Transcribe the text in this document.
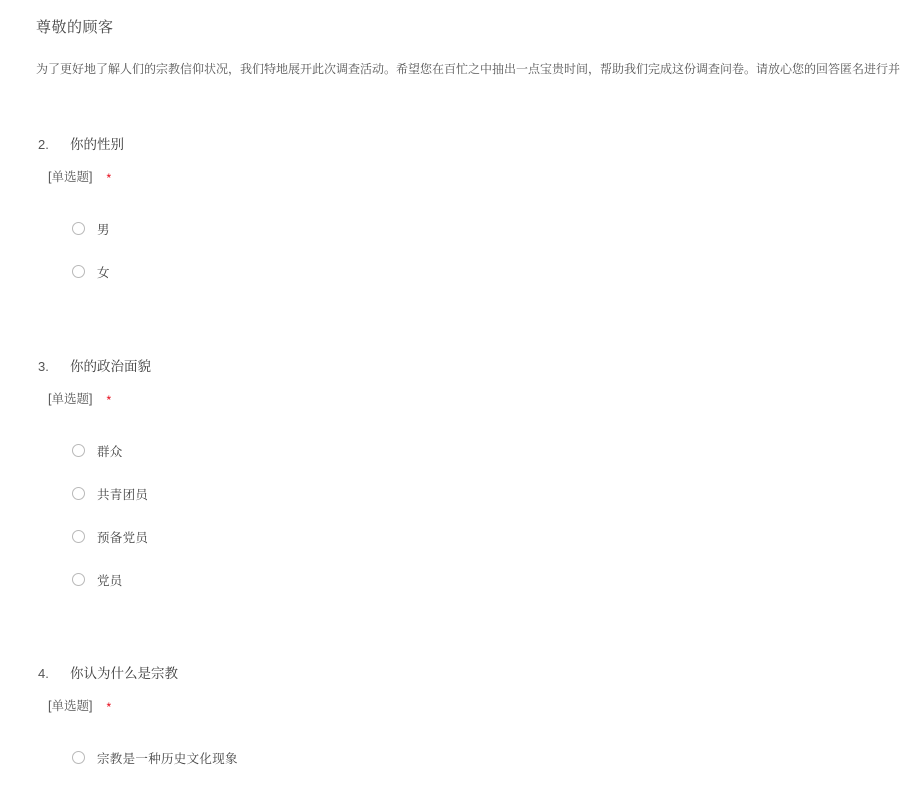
尊敬的顾客
为了更好地了解人们的宗教信仰状况，我们特地展开此次调查活动。希望您在百忙之中抽出一点宝贵时间，帮助我们完成这份调查问卷。请放心您的回答匿名进行并
2.	你的性别
[单选题] *
男
女
3.	你的政治面貌
[单选题] *
群众
共青团员
预备党员
党员
4.	你认为什么是宗教
[单选题] *
宗教是一种历史文化现象
